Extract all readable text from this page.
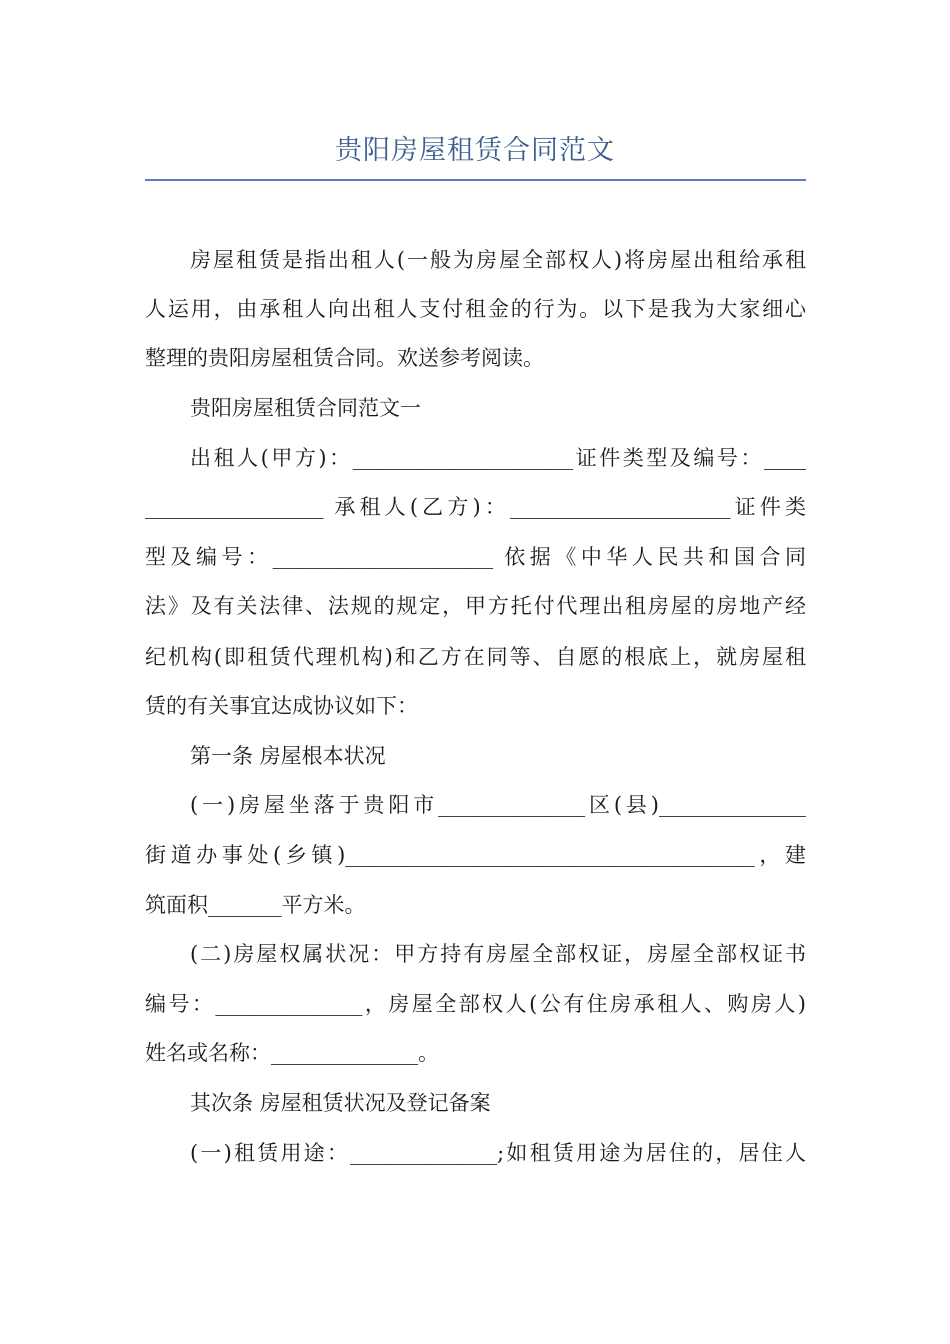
贵阳房屋租赁合同范文
房屋租赁是指出租人(一般为房屋全部权人)将房屋出租给承租
人运用，由承租人向出租人支付租金的行为。以下是我为大家细心
整理的贵阳房屋租赁合同。欢送参考阅读。
贵阳房屋租赁合同范文一
出租人(甲方)：_____________________证件类型及编号：____
_________________ 承租人(乙方)：_____________________证件类
型及编号：_____________________ 依据《中华人民共和国合同
法》及有关法律、法规的规定，甲方托付代理出租房屋的房地产经
纪机构(即租赁代理机构)和乙方在同等、自愿的根底上，就房屋租
赁的有关事宜达成协议如下：
第一条 房屋根本状况
(一)房屋坐落于贵阳市______________区(县)______________
街道办事处(乡镇)_______________________________________，建
筑面积_______平方米。
(二)房屋权属状况：甲方持有房屋全部权证，房屋全部权证书
编号：______________，房屋全部权人(公有住房承租人、购房人)
姓名或名称：______________。
其次条 房屋租赁状况及登记备案
(一)租赁用途：______________;如租赁用途为居住的，居住人
